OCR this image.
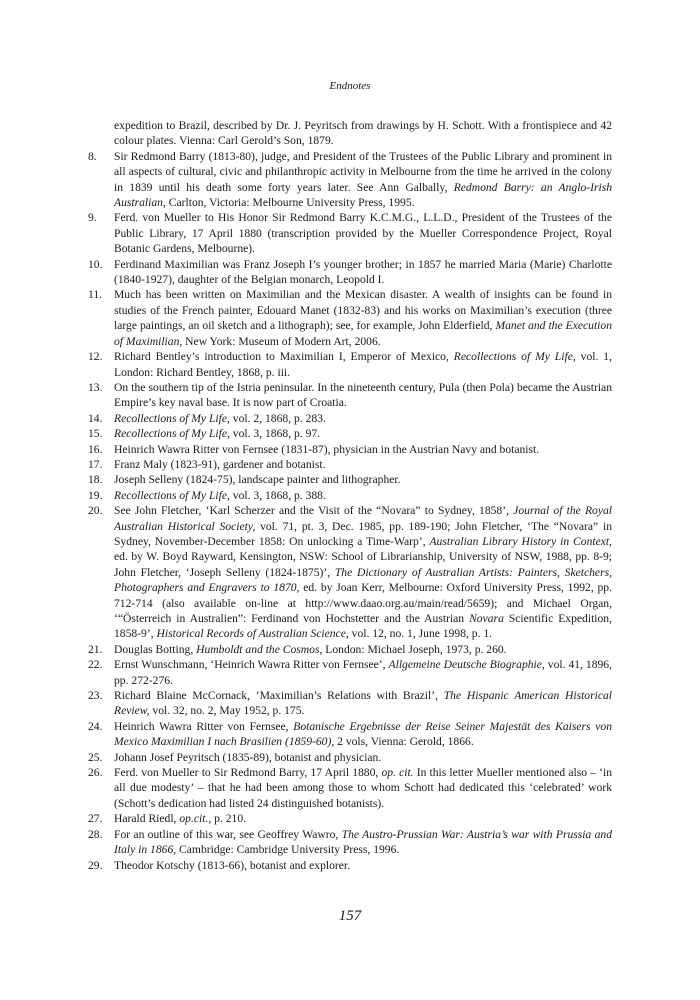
Endnotes
expedition to Brazil, described by Dr. J. Peyritsch from drawings by H. Schott. With a frontispiece and 42 colour plates. Vienna: Carl Gerold’s Son, 1879.
8.	Sir Redmond Barry (1813-80), judge, and President of the Trustees of the Public Library and prominent in all aspects of cultural, civic and philanthropic activity in Melbourne from the time he arrived in the colony in 1839 until his death some forty years later. See Ann Galbally, Redmond Barry: an Anglo-Irish Australian, Carlton, Victoria: Melbourne University Press, 1995.
9.	Ferd. von Mueller to His Honor Sir Redmond Barry K.C.M.G., L.L.D., President of the Trustees of the Public Library, 17 April 1880 (transcription provided by the Mueller Correspondence Project, Royal Botanic Gardens, Melbourne).
10. Ferdinand Maximilian was Franz Joseph I’s younger brother; in 1857 he married Maria (Marie) Charlotte (1840-1927), daughter of the Belgian monarch, Leopold I.
11.	Much has been written on Maximilian and the Mexican disaster. A wealth of insights can be found in studies of the French painter, Edouard Manet (1832-83) and his works on Maximilian’s execution (three large paintings, an oil sketch and a lithograph); see, for example, John Elderfield, Manet and the Execution of Maximilian, New York: Museum of Modern Art, 2006.
12. Richard Bentley’s introduction to Maximilian I, Emperor of Mexico, Recollections of My Life, vol. 1, London: Richard Bentley, 1868, p. iii.
13. On the southern tip of the Istria peninsular. In the nineteenth century, Pula (then Pola) became the Austrian Empire’s key naval base. It is now part of Croatia.
14. Recollections of My Life, vol. 2, 1868, p. 283.
15. Recollections of My Life, vol. 3, 1868, p. 97.
16. Heinrich Wawra Ritter von Fernsee (1831-87), physician in the Austrian Navy and botanist.
17. Franz Maly (1823-91), gardener and botanist.
18. Joseph Selleny (1824-75), landscape painter and lithographer.
19. Recollections of My Life, vol. 3, 1868, p. 388.
20. See John Fletcher, ‘Karl Scherzer and the Visit of the “Novara” to Sydney, 1858’, Journal of the Royal Australian Historical Society, vol. 71, pt. 3, Dec. 1985, pp. 189-190; John Fletcher, ‘The “Novara” in Sydney, November-December 1858: On unlocking a Time-Warp’, Australian Library History in Context, ed. by W. Boyd Rayward, Kensington, NSW: School of Librarianship, University of NSW, 1988, pp. 8-9; John Fletcher, ‘Joseph Selleny (1824-1875)’, The Dictionary of Australian Artists: Painters, Sketchers, Photographers and Engravers to 1870, ed. by Joan Kerr, Melbourne: Oxford University Press, 1992, pp. 712-714 (also available on-line at http://www.daao.org.au/main/read/5659); and Michael Organ, ‘“Österreich in Australien”: Ferdinand von Hochstetter and the Austrian Novara Scientific Expedition, 1858-9’, Historical Records of Australian Science, vol. 12, no. 1, June 1998, p. 1.
21. Douglas Botting, Humboldt and the Cosmos, London: Michael Joseph, 1973, p. 260.
22. Ernst Wunschmann, ‘Heinrich Wawra Ritter von Fernsee’, Allgemeine Deutsche Biographie, vol. 41, 1896, pp. 272-276.
23. Richard Blaine McCornack, ‘Maximilian’s Relations with Brazil’, The Hispanic American Historical Review, vol. 32, no. 2, May 1952, p. 175.
24. Heinrich Wawra Ritter von Fernsee, Botanische Ergebnisse der Reise Seiner Majestät des Kaisers von Mexico Maximilian I nach Brasilien (1859-60), 2 vols, Vienna: Gerold, 1866.
25. Johann Josef Peyritsch (1835-89), botanist and physician.
26. Ferd. von Mueller to Sir Redmond Barry, 17 April 1880, op. cit. In this letter Mueller mentioned also – ‘in all due modesty’ – that he had been among those to whom Schott had dedicated this ‘celebrated’ work (Schott’s dedication had listed 24 distinguished botanists).
27. Harald Riedl, op.cit., p. 210.
28. For an outline of this war, see Geoffrey Wawro, The Austro-Prussian War: Austria’s war with Prussia and Italy in 1866, Cambridge: Cambridge University Press, 1996.
29. Theodor Kotschy (1813-66), botanist and explorer.
157
